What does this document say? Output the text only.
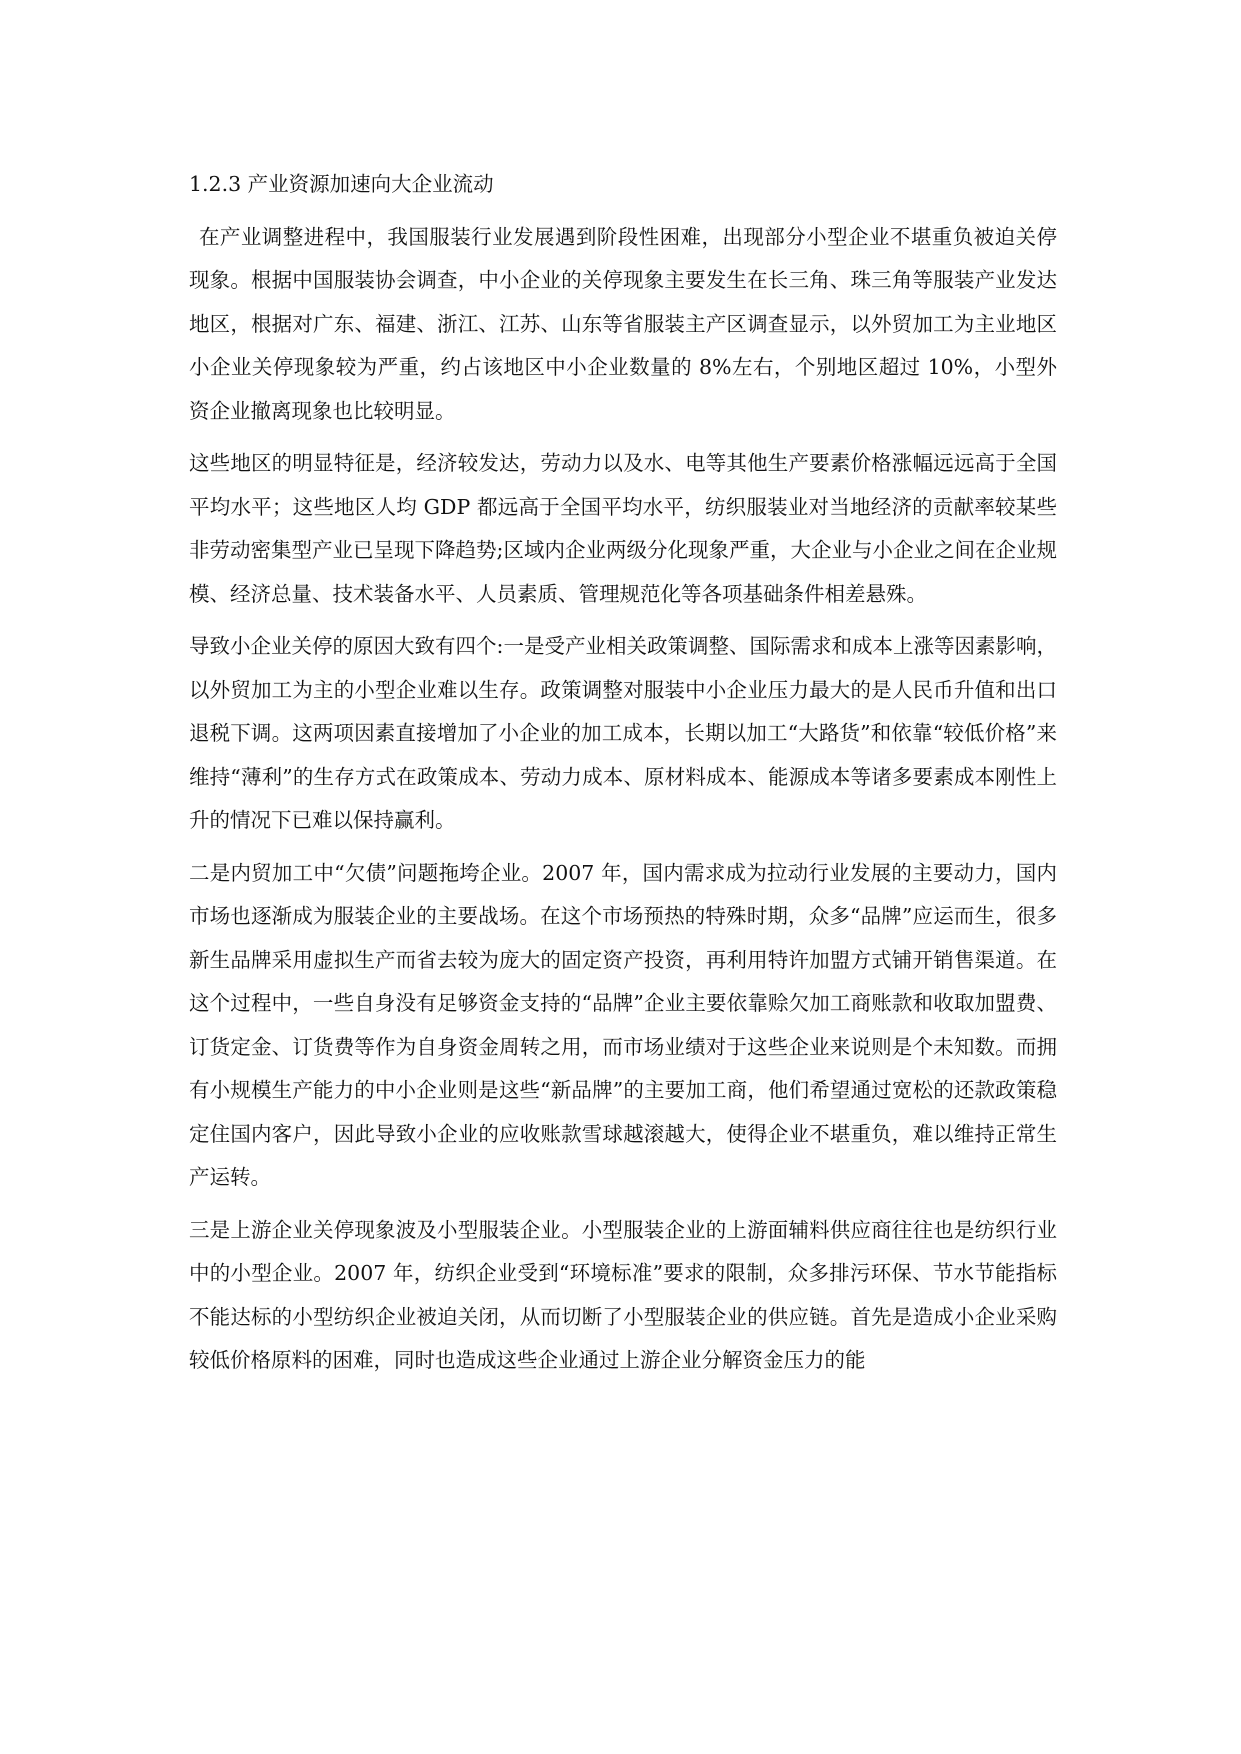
1.2.3 产业资源加速向大企业流动

在产业调整进程中，我国服装行业发展遇到阶段性困难，出现部分小型企业不堪重负被迫关停现象。根据中国服装协会调查，中小企业的关停现象主要发生在长三角、珠三角等服装产业发达地区，根据对广东、福建、浙江、江苏、山东等省服装主产区调查显示，以外贸加工为主业地区小企业关停现象较为严重，约占该地区中小企业数量的 8%左右，个别地区超过 10%，小型外资企业撤离现象也比较明显。

这些地区的明显特征是，经济较发达，劳动力以及水、电等其他生产要素价格涨幅远远高于全国平均水平；这些地区人均 GDP 都远高于全国平均水平，纺织服装业对当地经济的贡献率较某些非劳动密集型产业已呈现下降趋势;区域内企业两级分化现象严重，大企业与小企业之间在企业规模、经济总量、技术装备水平、人员素质、管理规范化等各项基础条件相差悬殊。

导致小企业关停的原因大致有四个:一是受产业相关政策调整、国际需求和成本上涨等因素影响，以外贸加工为主的小型企业难以生存。政策调整对服装中小企业压力最大的是人民币升值和出口退税下调。这两项因素直接增加了小企业的加工成本，长期以加工“大路货”和依靠“较低价格”来维持“薄利”的生存方式在政策成本、劳动力成本、原材料成本、能源成本等诸多要素成本刚性上升的情况下已难以保持赢利。

二是内贸加工中“欠债”问题拖垮企业。2007 年，国内需求成为拉动行业发展的主要动力，国内市场也逐渐成为服装企业的主要战场。在这个市场预热的特殊时期，众多“品牌”应运而生，很多新生品牌采用虚拟生产而省去较为庞大的固定资产投资，再利用特许加盟方式铺开销售渠道。在这个过程中，一些自身没有足够资金支持的“品牌”企业主要依靠赊欠加工商账款和收取加盟费、订货定金、订货费等作为自身资金周转之用，而市场业绩对于这些企业来说则是个未知数。而拥有小规模生产能力的中小企业则是这些“新品牌”的主要加工商，他们希望通过宽松的还款政策稳定住国内客户，因此导致小企业的应收账款雪球越滚越大，使得企业不堪重负，难以维持正常生产运转。

三是上游企业关停现象波及小型服装企业。小型服装企业的上游面辅料供应商往往也是纺织行业中的小型企业。2007 年，纺织企业受到“环境标准”要求的限制，众多排污环保、节水节能指标不能达标的小型纺织企业被迫关闭，从而切断了小型服装企业的供应链。首先是造成小企业采购较低价格原料的困难，同时也造成这些企业通过上游企业分解资金压力的能
